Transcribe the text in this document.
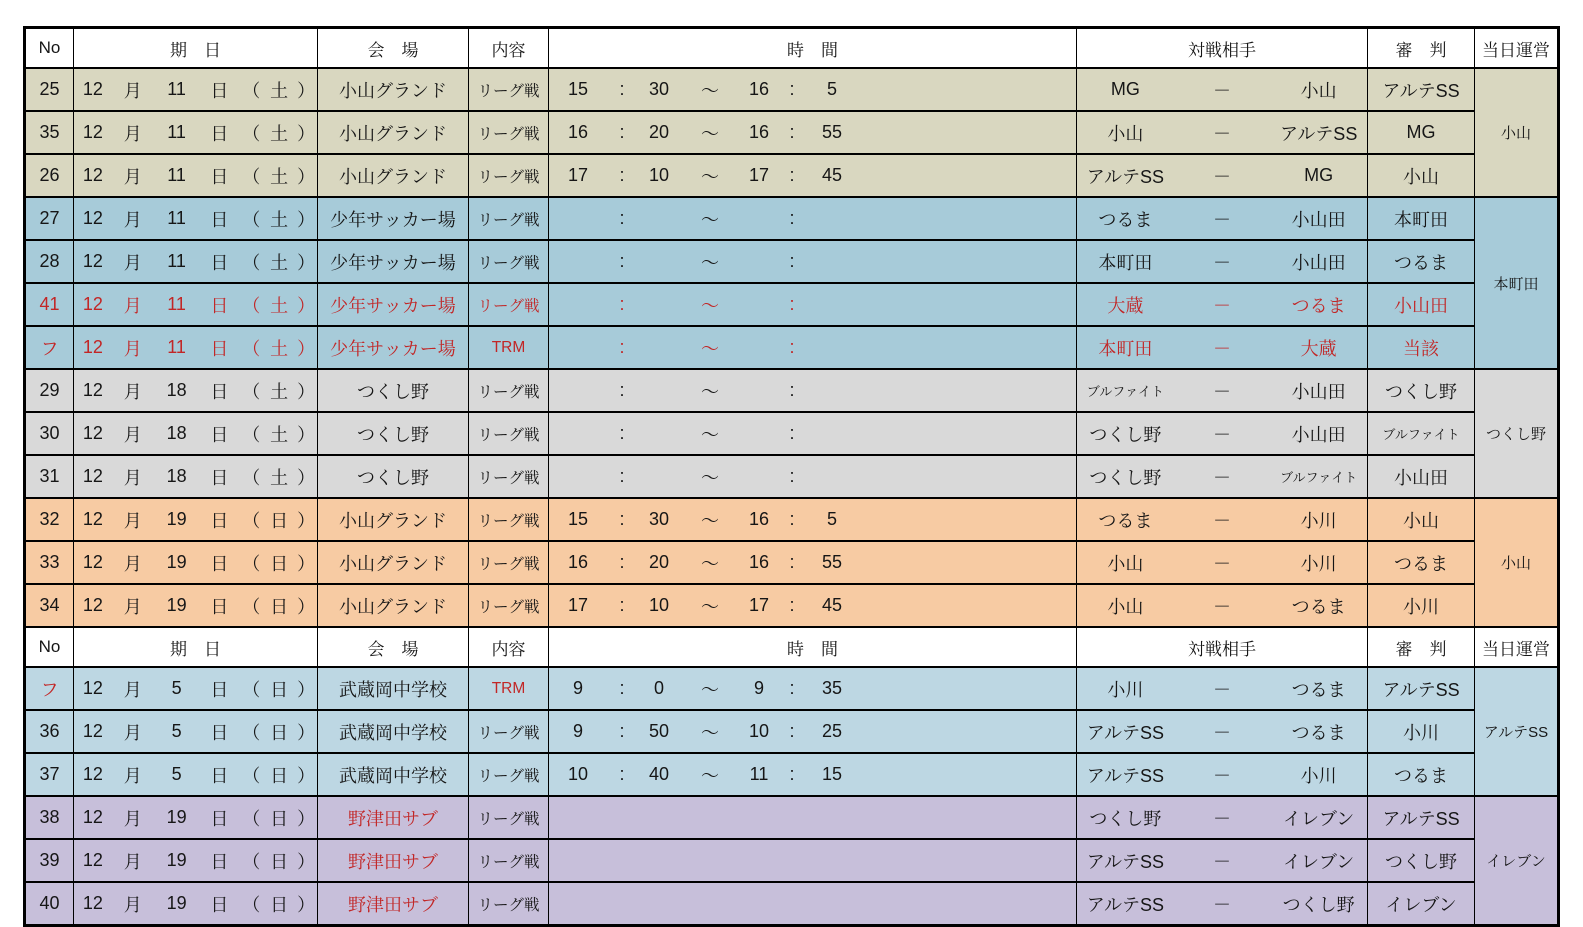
No	期　日	会　場	内容	時　間	対戦相手	審　判	当日運営
25	12	月	11	日 （ 土 ）	小山グランド	リーグ戦	15	:	30	～	16	:	5	MG	－	小山	アルテSS	小山
35	12	月	11	日 （ 土 ）	小山グランド	リーグ戦	16	:	20	～	16	:	55	小山	－	アルテSS	MG
26	12	月	11	日 （ 土 ）	小山グランド	リーグ戦	17	:	10	～	17	:	45	アルテSS	－	MG	小山
27	12	月	11	日 （ 土 ）	少年サッカー場	リーグ戦	:	～	:	つるま	－	小山田	本町田	本町田
28	12	月	11	日 （ 土 ）	少年サッカー場	リーグ戦	:	～	:	本町田	－	小山田	つるま
41	12	月	11	日 （ 土 ）	少年サッカー場	リーグ戦	:	～	:	大蔵	－	つるま	小山田
フ	12	月	11	日 （ 土 ）	少年サッカー場	TRM	:	～	:	本町田	－	大蔵	当該
29	12	月	18	日 （ 土 ）	つくし野	リーグ戦	:	～	:	ブルファイト	－	小山田	つくし野	つくし野
30	12	月	18	日 （ 土 ）	つくし野	リーグ戦	:	～	:	つくし野	－	小山田	ブルファイト
31	12	月	18	日 （ 土 ）	つくし野	リーグ戦	:	～	:	つくし野	－	ブルファイト	小山田
32	12	月	19	日 （ 日 ）	小山グランド	リーグ戦	15	:	30	～	16	:	5	つるま	－	小川	小山	小山
33	12	月	19	日 （ 日 ）	小山グランド	リーグ戦	16	:	20	～	16	:	55	小山	－	小川	つるま
34	12	月	19	日 （ 日 ）	小山グランド	リーグ戦	17	:	10	～	17	:	45	小山	－	つるま	小川
No	期　日	会　場	内容	時　間	対戦相手	審　判	当日運営
フ	12	月	5	日 （ 日 ）	武蔵岡中学校	TRM	9	:	0	～	9	:	35	小川	－	つるま	アルテSS	アルテSS
36	12	月	5	日 （ 日 ）	武蔵岡中学校	リーグ戦	9	:	50	～	10	:	25	アルテSS	－	つるま	小川
37	12	月	5	日 （ 日 ）	武蔵岡中学校	リーグ戦	10	:	40	～	11	:	15	アルテSS	－	小川	つるま
38	12	月	19	日 （ 日 ）	野津田サブ	リーグ戦		つくし野	－	イレブン	アルテSS	イレブン
39	12	月	19	日 （ 日 ）	野津田サブ	リーグ戦		アルテSS	－	イレブン	つくし野
40	12	月	19	日 （ 日 ）	野津田サブ	リーグ戦		アルテSS	－	つくし野	イレブン
